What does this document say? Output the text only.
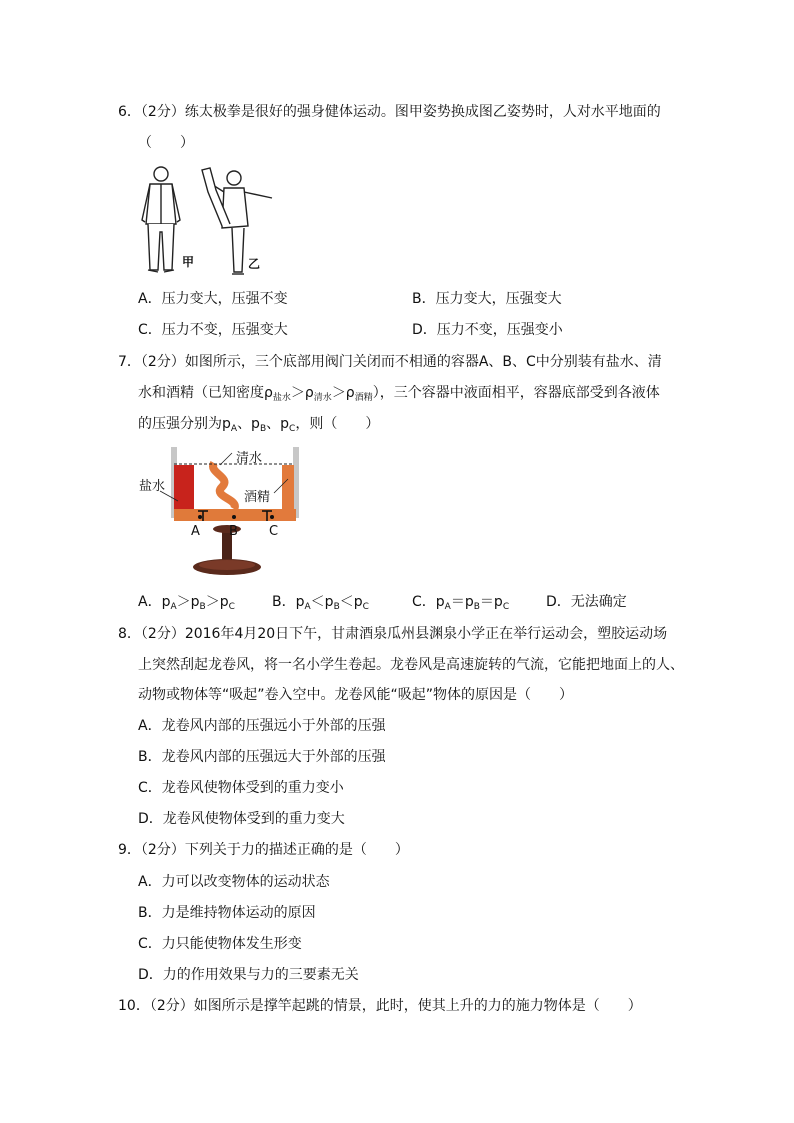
6．（2分）练太极拳是很好的强身健体运动。图甲姿势换成图乙姿势时，人对水平地面的
（　　）
甲	乙
A．压力变大，压强不变	B．压力变大，压强变大
C．压力不变，压强变大	D．压力不变，压强变小
7．（2分）如图所示，三个底部用阀门关闭而不相通的容器A、B、C中分别装有盐水、清
水和酒精（已知密度$\rho_{盐水}>\rho_{清水}>\rho_{酒精}$），三个容器中液面相平，容器底部受到各液体
的压强分别为$p_A$、$p_B$、$p_C$，则（　　）
清水
盐水
酒精
A B C
A．$p_A>p_B>p_C$	B．$p_A<p_B<p_C$	C．$p_A=p_B=p_C$	D．无法确定
8．（2分）2016年4月20日下午，甘肃酒泉瓜州县渊泉小学正在举行运动会，塑胶运动场
上突然刮起龙卷风，将一名小学生卷起。龙卷风是高速旋转的气流，它能把地面上的人、
动物或物体等“吸起”卷入空中。龙卷风能“吸起”物体的原因是（　　）
A．龙卷风内部的压强远小于外部的压强
B．龙卷风内部的压强远大于外部的压强
C．龙卷风使物体受到的重力变小
D．龙卷风使物体受到的重力变大
9．（2分）下列关于力的描述正确的是（　　）
A．力可以改变物体的运动状态
B．力是维持物体运动的原因
C．力只能使物体发生形变
D．力的作用效果与力的三要素无关
10．（2分）如图所示是撑竿起跳的情景，此时，使其上升的力的施力物体是（　　）
